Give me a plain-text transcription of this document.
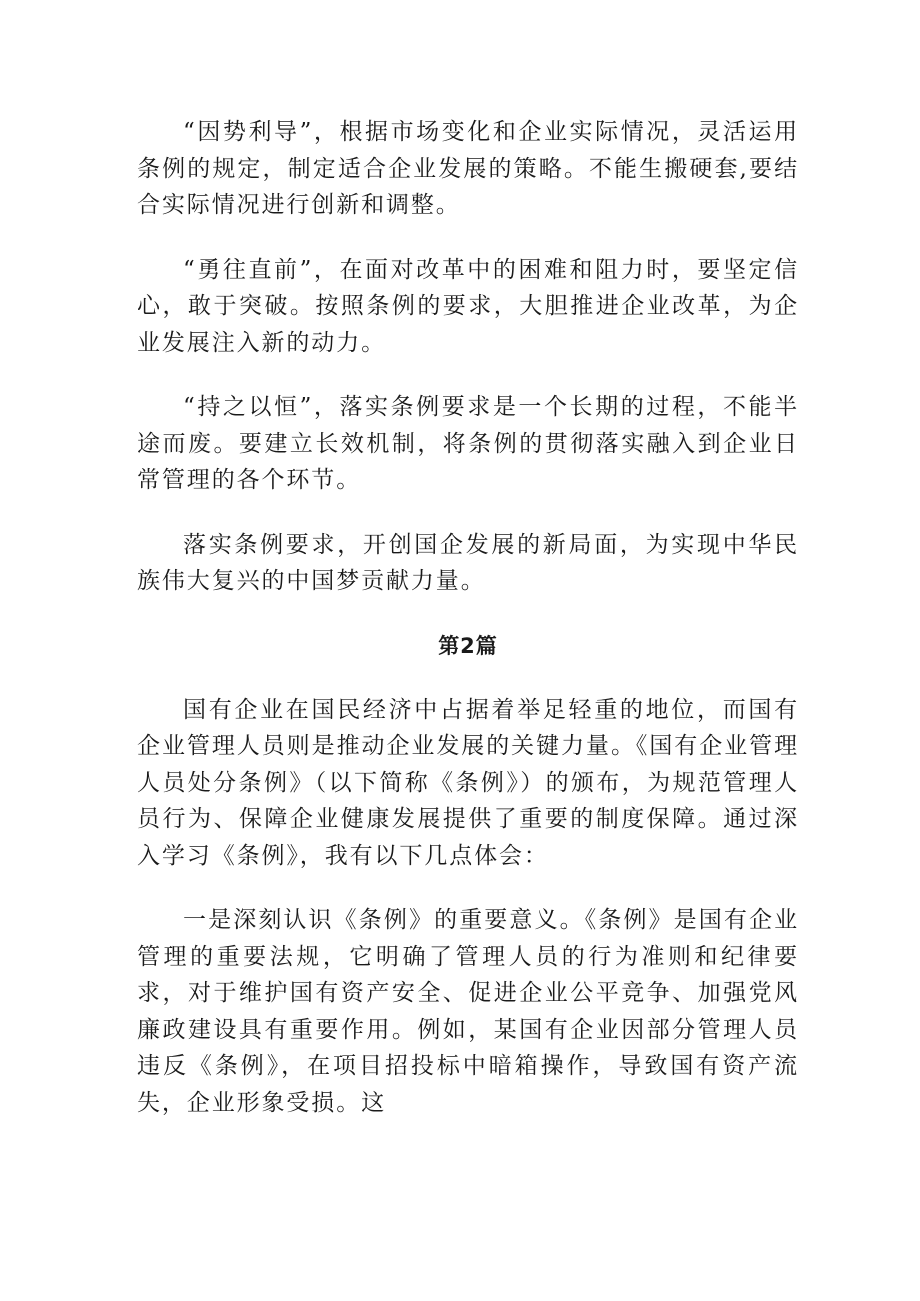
“因势利导”，根据市场变化和企业实际情况，灵活运用条例的规定，制定适合企业发展的策略。不能生搬硬套,要结合实际情况进行创新和调整。

“勇往直前”，在面对改革中的困难和阻力时，要坚定信心，敢于突破。按照条例的要求，大胆推进企业改革，为企业发展注入新的动力。

“持之以恒”，落实条例要求是一个长期的过程，不能半途而废。要建立长效机制，将条例的贯彻落实融入到企业日常管理的各个环节。

落实条例要求，开创国企发展的新局面，为实现中华民族伟大复兴的中国梦贡献力量。

第2篇

国有企业在国民经济中占据着举足轻重的地位，而国有企业管理人员则是推动企业发展的关键力量。《国有企业管理人员处分条例》（以下简称《条例》）的颁布，为规范管理人员行为、保障企业健康发展提供了重要的制度保障。通过深入学习《条例》，我有以下几点体会：

一是深刻认识《条例》的重要意义。《条例》是国有企业管理的重要法规，它明确了管理人员的行为准则和纪律要求，对于维护国有资产安全、促进企业公平竞争、加强党风廉政建设具有重要作用。例如，某国有企业因部分管理人员违反《条例》，在项目招投标中暗箱操作，导致国有资产流失，企业形象受损。这
